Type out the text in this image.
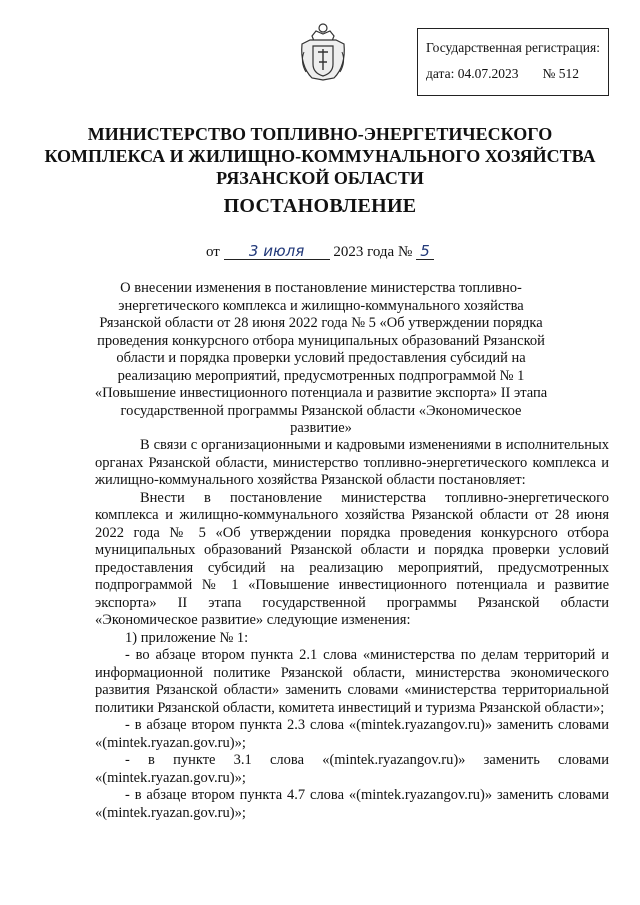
Государственная регистрация:
дата: 04.07.2023 № 512
МИНИСТЕРСТВО ТОПЛИВНО-ЭНЕРГЕТИЧЕСКОГО КОМПЛЕКСА И ЖИЛИЩНО-КОММУНАЛЬНОГО ХОЗЯЙСТВА РЯЗАНСКОЙ ОБЛАСТИ
ПОСТАНОВЛЕНИЕ
от 3 июля 2023 года № 5
О внесении изменения в постановление министерства топливно-энергетического комплекса и жилищно-коммунального хозяйства Рязанской области от 28 июня 2022 года № 5 «Об утверждении порядка проведения конкурсного отбора муниципальных образований Рязанской области и порядка проверки условий предоставления субсидий на реализацию мероприятий, предусмотренных подпрограммой № 1 «Повышение инвестиционного потенциала и развитие экспорта» II этапа государственной программы Рязанской области «Экономическое развитие»

В связи с организационными и кадровыми изменениями в исполнительных органах Рязанской области, министерство топливно-энергетического комплекса и жилищно-коммунального хозяйства Рязанской области постановляет:

Внести в постановление министерства топливно-энергетического комплекса и жилищно-коммунального хозяйства Рязанской области от 28 июня 2022 года № 5 «Об утверждении порядка проведения конкурсного отбора муниципальных образований Рязанской области и порядка проверки условий предоставления субсидий на реализацию мероприятий, предусмотренных подпрограммой № 1 «Повышение инвестиционного потенциала и развитие экспорта» II этапа государственной программы Рязанской области «Экономическое развитие» следующие изменения:

1) приложение № 1:

- во абзаце втором пункта 2.1 слова «министерства по делам территорий и информационной политике Рязанской области, министерства экономического развития Рязанской области» заменить словами «министерства территориальной политики Рязанской области, комитета инвестиций и туризма Рязанской области»;

- в абзаце втором пункта 2.3 слова «(mintek.ryazangov.ru)» заменить словами «(mintek.ryazan.gov.ru)»;

- в пункте 3.1 слова «(mintek.ryazangov.ru)» заменить словами «(mintek.ryazan.gov.ru)»;

- в абзаце втором пункта 4.7 слова «(mintek.ryazangov.ru)» заменить словами «(mintek.ryazan.gov.ru)»;
